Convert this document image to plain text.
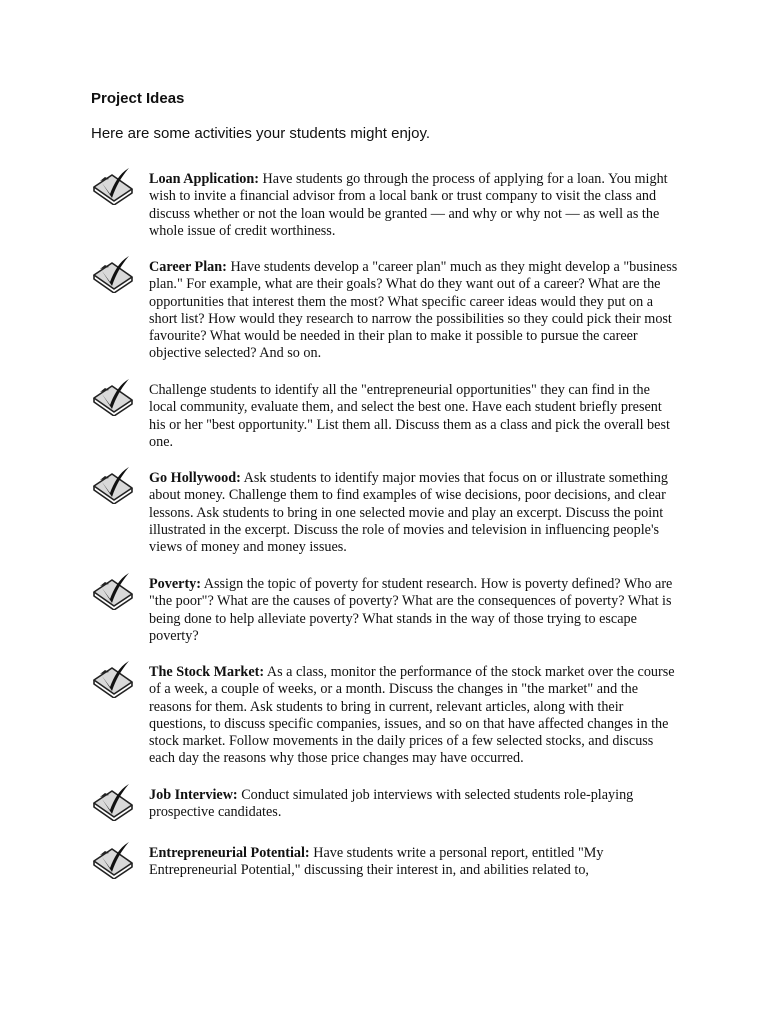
Project Ideas

Here are some activities your students might enjoy.

Loan Application: Have students go through the process of applying for a loan. You might wish to invite a financial advisor from a local bank or trust company to visit the class and discuss whether or not the loan would be granted — and why or why not — as well as the whole issue of credit worthiness.

Career Plan: Have students develop a "career plan" much as they might develop a "business plan." For example, what are their goals? What do they want out of a career? What are the opportunities that interest them the most? What specific career ideas would they put on a short list? How would they research to narrow the possibilities so they could pick their most favourite? What would be needed in their plan to make it possible to pursue the career objective selected? And so on.

Challenge students to identify all the "entrepreneurial opportunities" they can find in the local community, evaluate them, and select the best one. Have each student briefly present his or her "best opportunity." List them all. Discuss them as a class and pick the overall best one.

Go Hollywood: Ask students to identify major movies that focus on or illustrate something about money. Challenge them to find examples of wise decisions, poor decisions, and clear lessons. Ask students to bring in one selected movie and play an excerpt. Discuss the point illustrated in the excerpt. Discuss the role of movies and television in influencing people's views of money and money issues.

Poverty: Assign the topic of poverty for student research. How is poverty defined? Who are "the poor"? What are the causes of poverty? What are the consequences of poverty? What is being done to help alleviate poverty? What stands in the way of those trying to escape poverty?

The Stock Market: As a class, monitor the performance of the stock market over the course of a week, a couple of weeks, or a month. Discuss the changes in "the market" and the reasons for them. Ask students to bring in current, relevant articles, along with their questions, to discuss specific companies, issues, and so on that have affected changes in the stock market. Follow movements in the daily prices of a few selected stocks, and discuss each day the reasons why those price changes may have occurred.

Job Interview: Conduct simulated job interviews with selected students role-playing prospective candidates.

Entrepreneurial Potential: Have students write a personal report, entitled "My Entrepreneurial Potential," discussing their interest in, and abilities related to,
